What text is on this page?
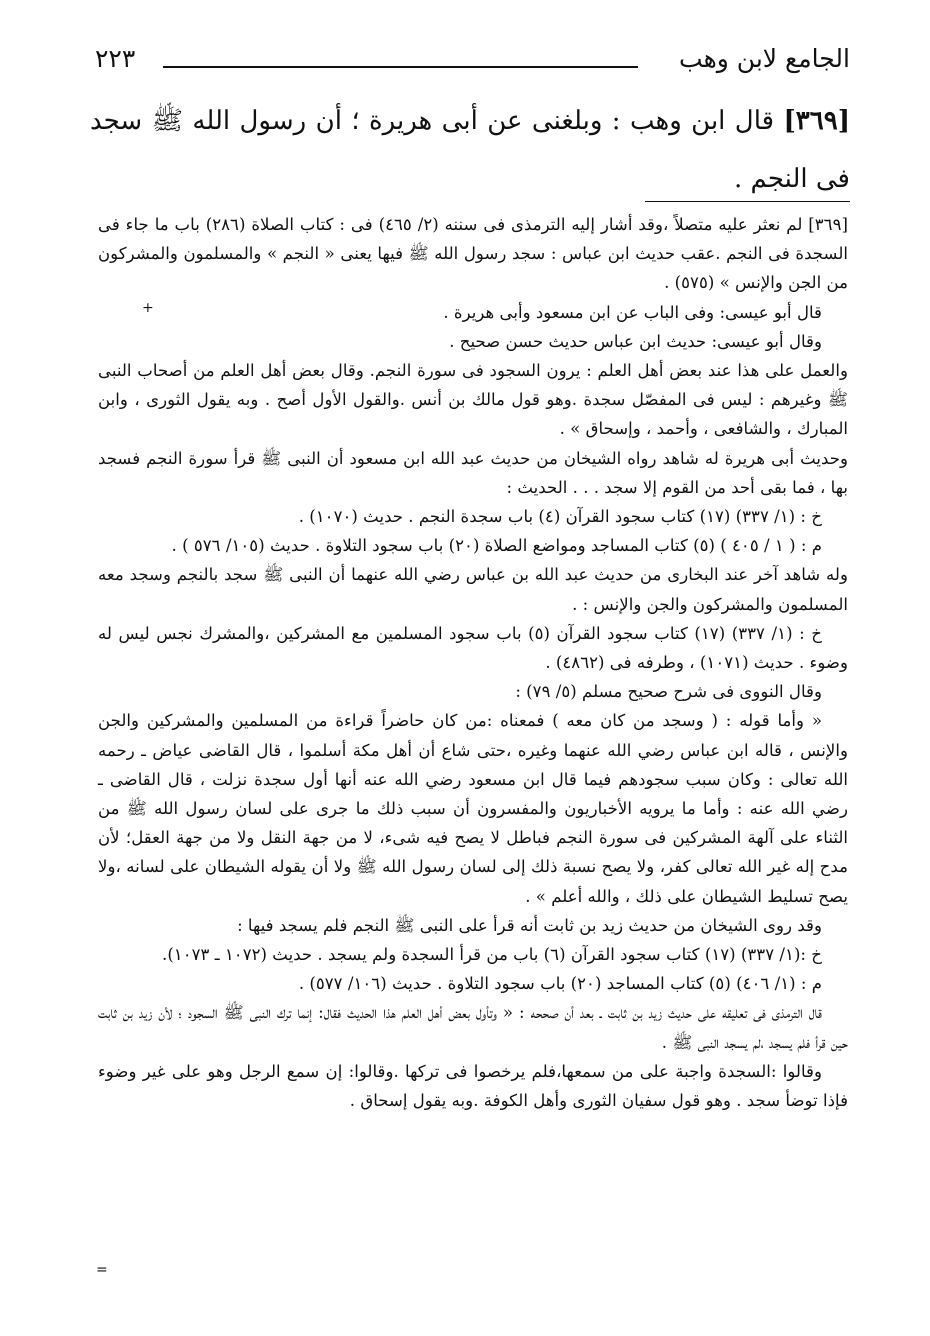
الجامع لابن وهب
٢٢٣
[٣٦٩] قال ابن وهب : وبلغنى عن أبى هريرة ؛ أن رسول الله ﷺ سجد فى النجم .

[٣٦٩] لم نعثر عليه متصلاً ،وقد أشار إليه الترمذى فى سننه (٢/ ٤٦٥) فى : كتاب الصلاة (٢٨٦) باب ما جاء فى السجدة فى النجم .عقب حديث ابن عباس : سجد رسول الله ﷺ فيها يعنى « النجم » والمسلمون والمشركون من الجن والإنس » (٥٧٥) .

قال أبو عيسى: وفى الباب عن ابن مسعود وأبى هريرة .

وقال أبو عيسى: حديث ابن عباس حديث حسن صحيح .

والعمل على هذا عند بعض أهل العلم : يرون السجود فى سورة النجم. وقال بعض أهل العلم من أصحاب النبى ﷺ وغيرهم : ليس فى المفصّل سجدة .وهو قول مالك بن أنس .والقول الأول أصح . وبه يقول الثورى ، وابن المبارك ، والشافعى ، وأحمد ، وإسحاق » .

وحديث أبى هريرة له شاهد رواه الشيخان من حديث عبد الله ابن مسعود أن النبى ﷺ قرأ سورة النجم فسجد بها ، فما بقى أحد من القوم إلا سجد . . . الحديث :

خ : (١/ ٣٣٧) (١٧) كتاب سجود القرآن (٤) باب سجدة النجم . حديث (١٠٧٠) .

م : ( ١ / ٤٠٥ ) (٥) كتاب المساجد ومواضع الصلاة (٢٠) باب سجود التلاوة . حديث (١٠٥/ ٥٧٦ ) .

وله شاهد آخر عند البخارى من حديث عبد الله بن عباس رضي الله عنهما أن النبى ﷺ سجد بالنجم وسجد معه المسلمون والمشركون والجن والإنس : .

خ : (١/ ٣٣٧) (١٧) كتاب سجود القرآن (٥) باب سجود المسلمين مع المشركين ،والمشرك نجس ليس له وضوء . حديث (١٠٧١) ، وطرفه فى (٤٨٦٢) .

وقال النووى فى شرح صحيح مسلم (٥/ ٧٩) :

« وأما قوله : ( وسجد من كان معه ) فمعناه :من كان حاضراً قراءة من المسلمين والمشركين والجن والإنس ، قاله ابن عباس رضي الله عنهما وغيره ،حتى شاع أن أهل مكة أسلموا ، قال القاضى عياض ـ رحمه الله تعالى : وكان سبب سجودهم فيما قال ابن مسعود رضي الله عنه أنها أول سجدة نزلت ، قال القاضى ـ رضي الله عنه : وأما ما يرويه الأخباريون والمفسرون أن سبب ذلك ما جرى على لسان رسول الله ﷺ من الثناء على آلهة المشركين فى سورة النجم فباطل لا يصح فيه شىء، لا من جهة النقل ولا من جهة العقل؛ لأن مدح إله غير الله تعالى كفر، ولا يصح نسبة ذلك إلى لسان رسول الله ﷺ ولا أن يقوله الشيطان على لسانه ،ولا يصح تسليط الشيطان على ذلك ، والله أعلم » .

وقد روى الشيخان من حديث زيد بن ثابت أنه قرأ على النبى ﷺ النجم فلم يسجد فيها :

خ :(١/ ٣٣٧) (١٧) كتاب سجود القرآن (٦) باب من قرأ السجدة ولم يسجد . حديث (١٠٧٢ ـ ١٠٧٣).

م : (١/ ٤٠٦) (٥) كتاب المساجد (٢٠) باب سجود التلاوة . حديث (١٠٦/ ٥٧٧) .

قال الترمذى فى تعليقه على حديث زيد بن ثابت ـ بعد أن صححه : « وتأول بعض أهل العلم هذا الحديث فقال: إنما ترك النبى ﷺ السجود ؛ لأن زيد بن ثابت حين قرأ فلم يسجد ،لم يسجد النبى ﷺ .

وقالوا :السجدة واجبة على من سمعها،فلم يرخصوا فى تركها .وقالوا: إن سمع الرجل وهو على غير وضوء فإذا توضأ سجد . وهو قول سفيان الثورى وأهل الكوفة .وبه يقول إسحاق .

+
=
